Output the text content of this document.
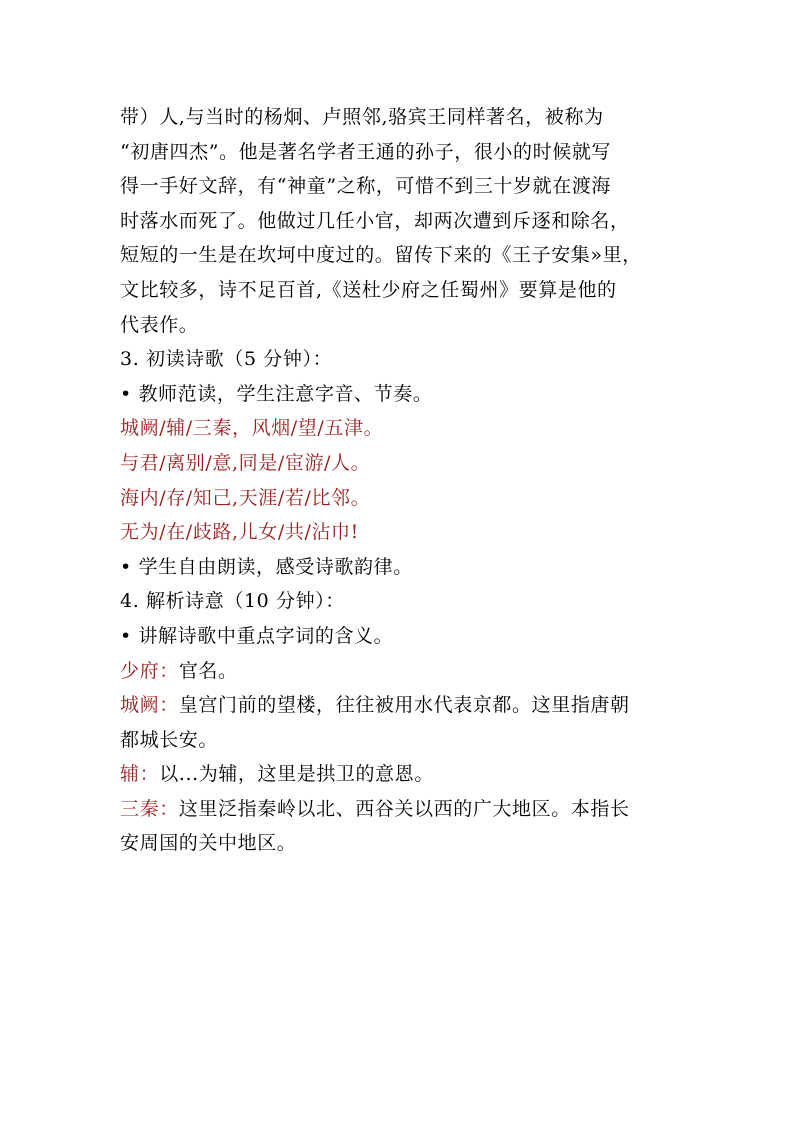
带）人,与当时的杨炯、卢照邻,骆宾王同样著名，被称为
“初唐四杰”。他是著名学者王通的孙子，很小的时候就写
得一手好文辞，有“神童”之称，可惜不到三十岁就在渡海
时落水而死了。他做过几任小官，却两次遭到斥逐和除名，
短短的一生是在坎坷中度过的。留传下来的《王子安集»里，
文比较多，诗不足百首,《送杜少府之任蜀州》要算是他的
代表作。
3. 初读诗歌（5 分钟）：
• 教师范读，学生注意字音、节奏。
城阙/辅/三秦，风烟/望/五津。
与君/离别/意,同是/宦游/人。
海内/存/知己,天涯/若/比邻。
无为/在/歧路,儿女/共/沾巾!
• 学生自由朗读，感受诗歌韵律。
4. 解析诗意（10 分钟）：
• 讲解诗歌中重点字词的含义。
少府：官名。
城阙：皇宫门前的望楼，往往被用水代表京都。这里指唐朝
都城长安。
辅：以...为辅，这里是拱卫的意恩。
三秦：这里泛指秦岭以北、西谷关以西的广大地区。本指长
安周国的关中地区。
